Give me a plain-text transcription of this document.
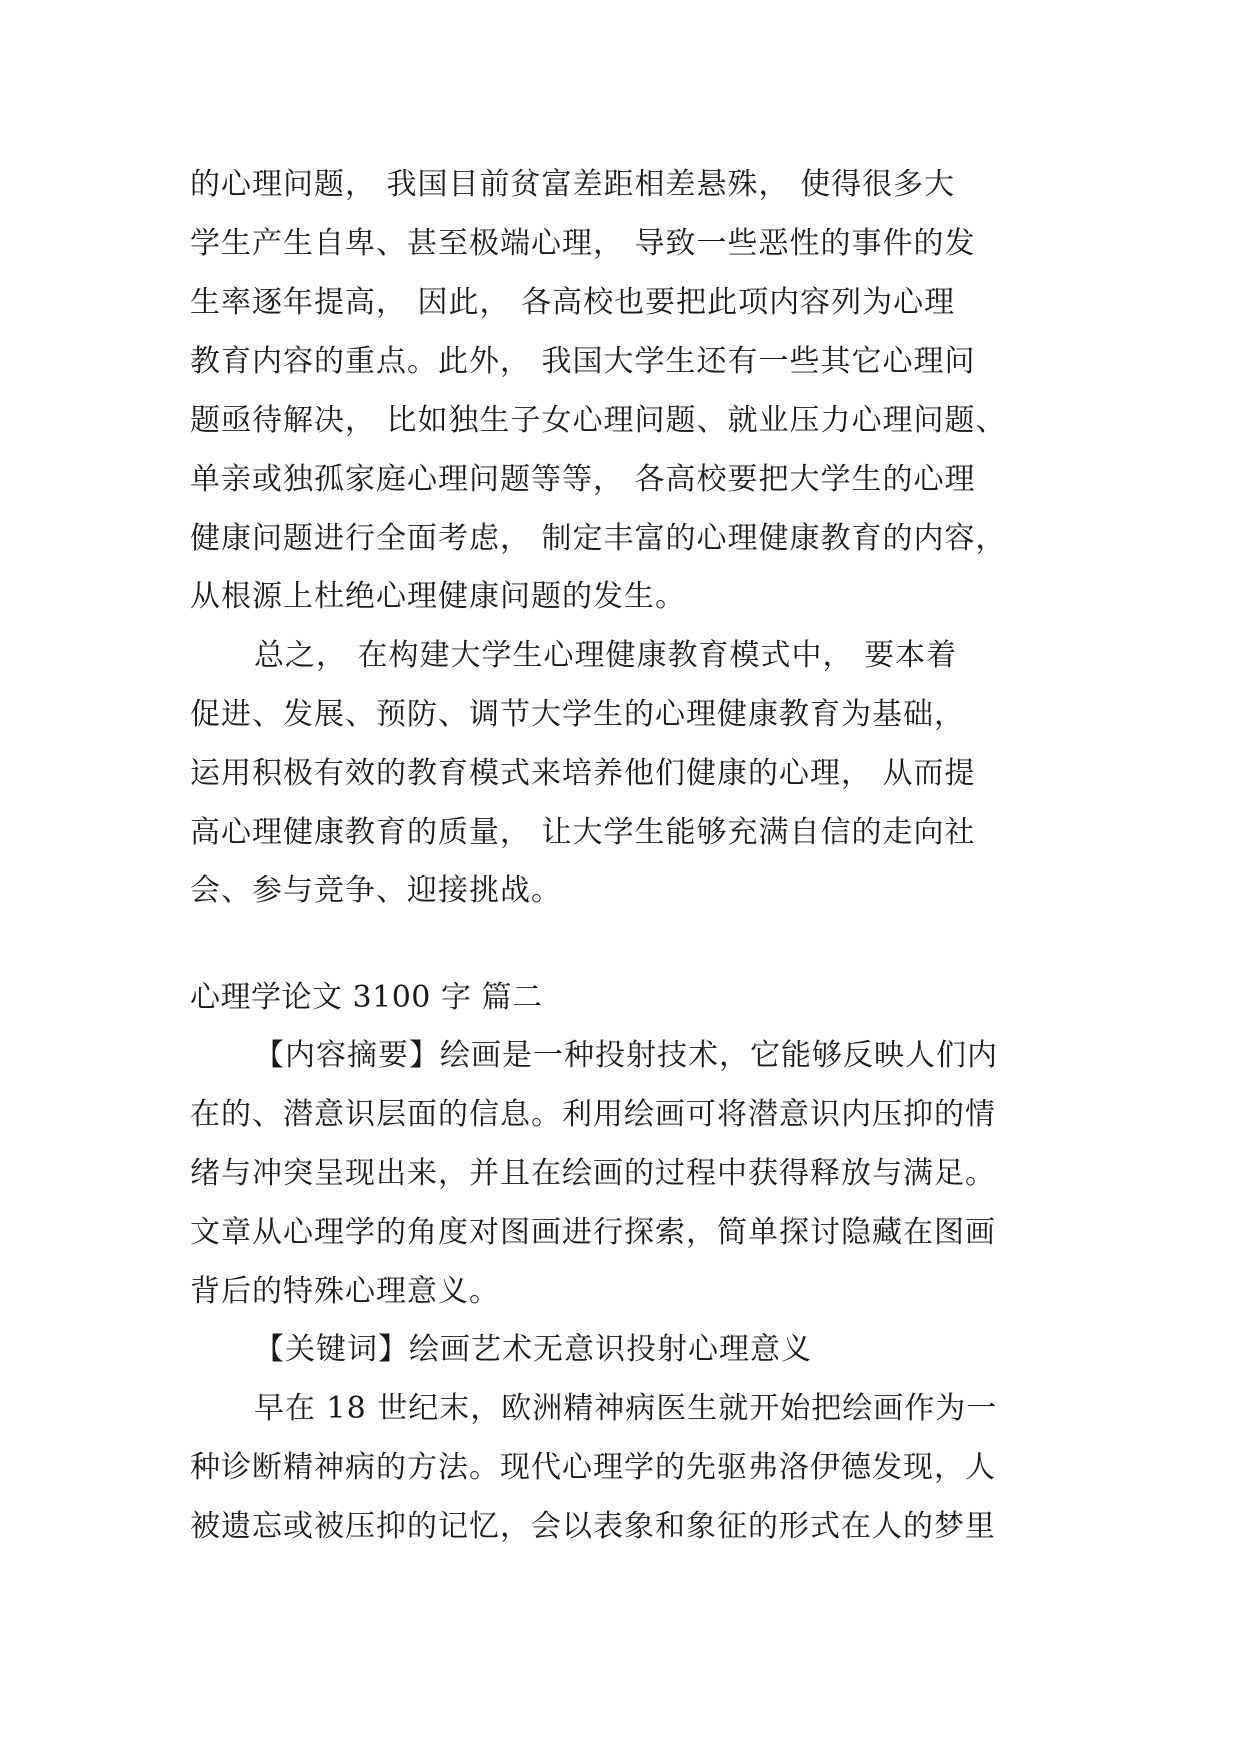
的心理问题， 我国目前贫富差距相差悬殊， 使得很多大
学生产生自卑、甚至极端心理， 导致一些恶性的事件的发
生率逐年提高， 因此， 各高校也要把此项内容列为心理
教育内容的重点。此外， 我国大学生还有一些其它心理问
题亟待解决， 比如独生子女心理问题、就业压力心理问题、
单亲或独孤家庭心理问题等等， 各高校要把大学生的心理
健康问题进行全面考虑， 制定丰富的心理健康教育的内容，
从根源上杜绝心理健康问题的发生。
总之， 在构建大学生心理健康教育模式中， 要本着
促进、发展、预防、调节大学生的心理健康教育为基础，
运用积极有效的教育模式来培养他们健康的心理， 从而提
高心理健康教育的质量， 让大学生能够充满自信的走向社
会、参与竞争、迎接挑战。
心理学论文 3100 字 篇二
【内容摘要】绘画是一种投射技术，它能够反映人们内
在的、潜意识层面的信息。利用绘画可将潜意识内压抑的情
绪与冲突呈现出来，并且在绘画的过程中获得释放与满足。
文章从心理学的角度对图画进行探索，简单探讨隐藏在图画
背后的特殊心理意义。
【关键词】绘画艺术无意识投射心理意义
早在 18 世纪末，欧洲精神病医生就开始把绘画作为一
种诊断精神病的方法。现代心理学的先驱弗洛伊德发现，人
被遗忘或被压抑的记忆，会以表象和象征的形式在人的梦里
